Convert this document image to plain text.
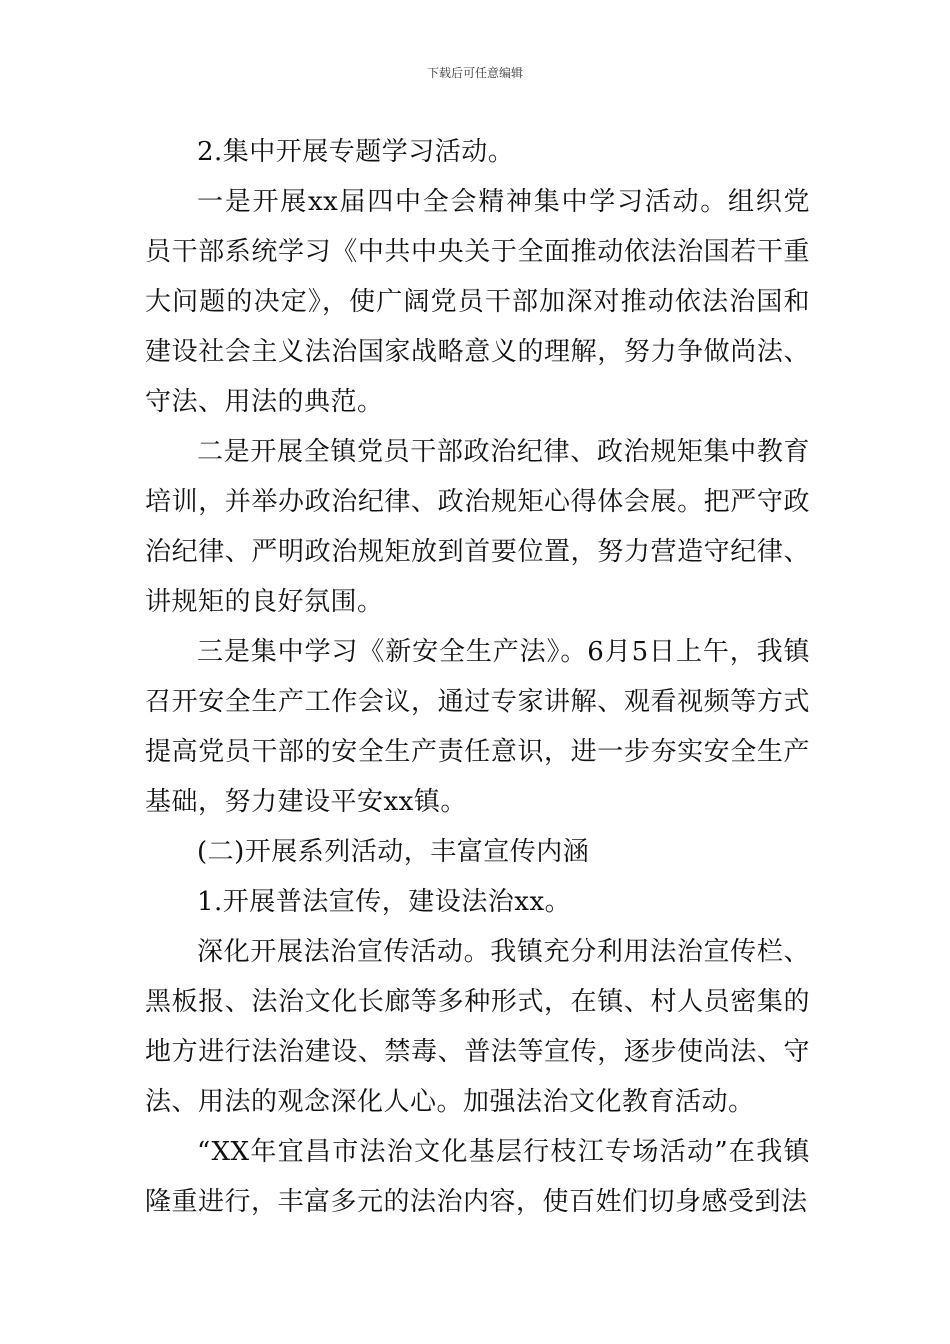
下载后可任意编辑

2.集中开展专题学习活动。

一是开展xx届四中全会精神集中学习活动。组织党员干部系统学习《中共中央关于全面推动依法治国若干重大问题的决定》，使广阔党员干部加深对推动依法治国和建设社会主义法治国家战略意义的理解，努力争做尚法、守法、用法的典范。

二是开展全镇党员干部政治纪律、政治规矩集中教育培训，并举办政治纪律、政治规矩心得体会展。把严守政治纪律、严明政治规矩放到首要位置，努力营造守纪律、讲规矩的良好氛围。

三是集中学习《新安全生产法》。6月5日上午，我镇召开安全生产工作会议，通过专家讲解、观看视频等方式提高党员干部的安全生产责任意识，进一步夯实安全生产基础，努力建设平安xx镇。

(二)开展系列活动，丰富宣传内涵

1.开展普法宣传，建设法治xx。

深化开展法治宣传活动。我镇充分利用法治宣传栏、黑板报、法治文化长廊等多种形式，在镇、村人员密集的地方进行法治建设、禁毒、普法等宣传，逐步使尚法、守法、用法的观念深化人心。加强法治文化教育活动。

“XX年宜昌市法治文化基层行枝江专场活动”在我镇隆重进行，丰富多元的法治内容，使百姓们切身感受到法
